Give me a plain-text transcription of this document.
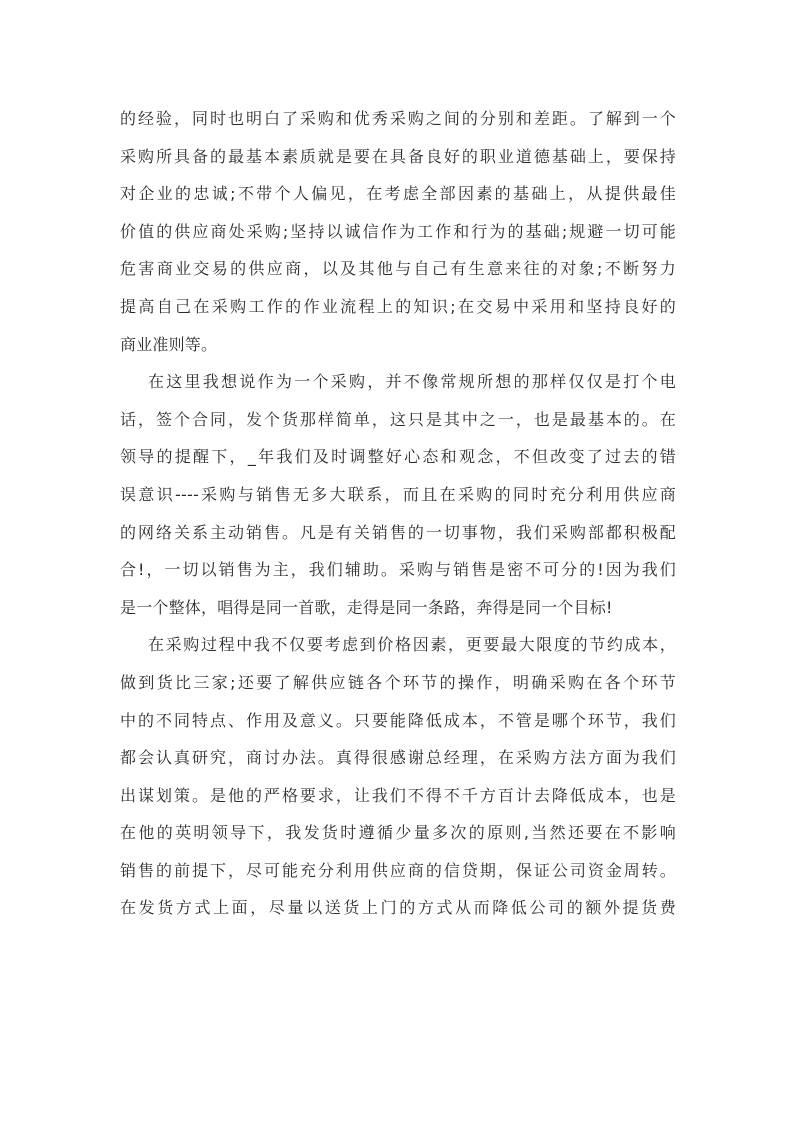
的经验，同时也明白了采购和优秀采购之间的分别和差距。了解到一个
采购所具备的最基本素质就是要在具备良好的职业道德基础上，要保持
对企业的忠诚;不带个人偏见，在考虑全部因素的基础上，从提供最佳
价值的供应商处采购;坚持以诚信作为工作和行为的基础;规避一切可能
危害商业交易的供应商，以及其他与自己有生意来往的对象;不断努力
提高自己在采购工作的作业流程上的知识;在交易中采用和坚持良好的
商业准则等。
在这里我想说作为一个采购，并不像常规所想的那样仅仅是打个电
话，签个合同，发个货那样简单，这只是其中之一，也是最基本的。在
领导的提醒下，_年我们及时调整好心态和观念，不但改变了过去的错
误意识----采购与销售无多大联系，而且在采购的同时充分利用供应商
的网络关系主动销售。凡是有关销售的一切事物，我们采购部都积极配
合!，一切以销售为主，我们辅助。采购与销售是密不可分的!因为我们
是一个整体，唱得是同一首歌，走得是同一条路，奔得是同一个目标!
在采购过程中我不仅要考虑到价格因素，更要最大限度的节约成本，
做到货比三家;还要了解供应链各个环节的操作，明确采购在各个环节
中的不同特点、作用及意义。只要能降低成本，不管是哪个环节，我们
都会认真研究，商讨办法。真得很感谢总经理，在采购方法方面为我们
出谋划策。是他的严格要求，让我们不得不千方百计去降低成本，也是
在他的英明领导下，我发货时遵循少量多次的原则,当然还要在不影响
销售的前提下，尽可能充分利用供应商的信贷期，保证公司资金周转。
在发货方式上面，尽量以送货上门的方式从而降低公司的额外提货费
